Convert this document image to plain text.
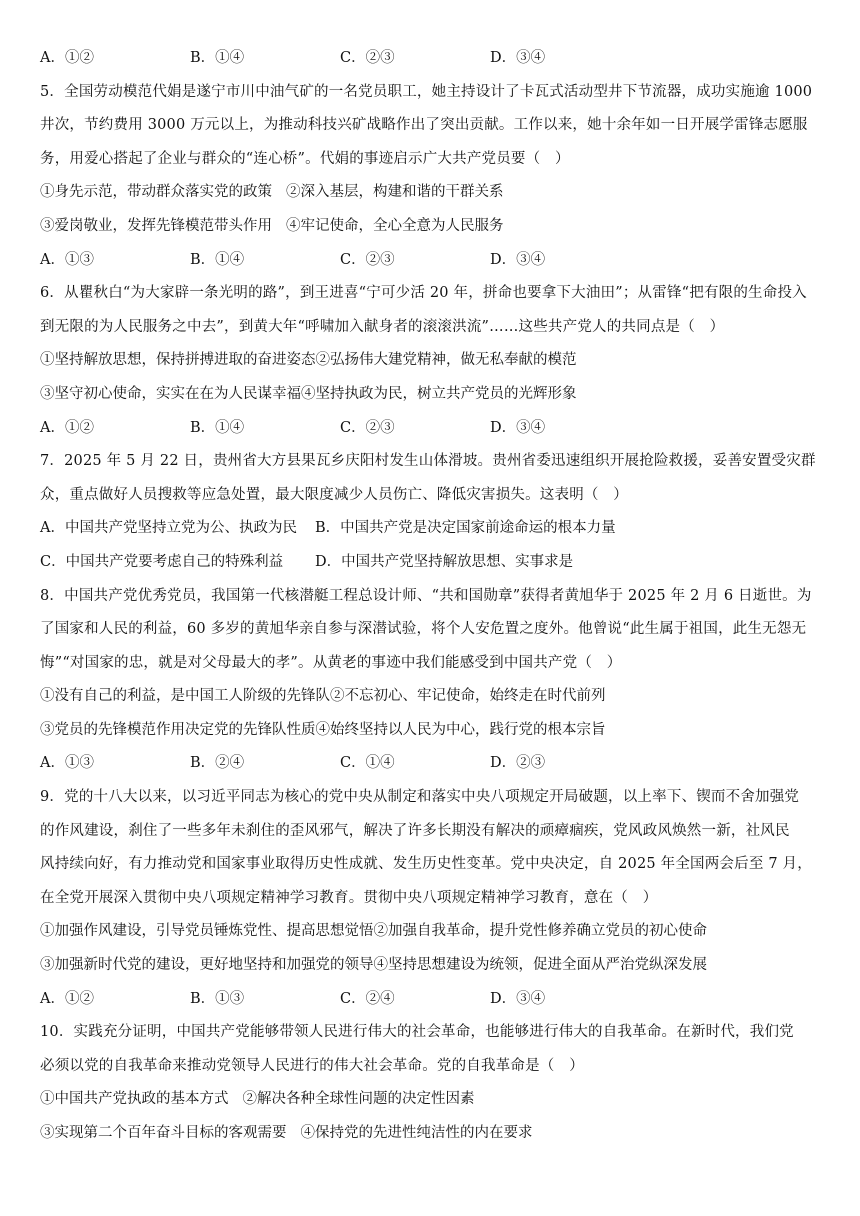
A．①②	B．①④	C．②③	D．③④
5．全国劳动模范代娟是遂宁市川中油气矿的一名党员职工，她主持设计了卡瓦式活动型井下节流器，成功实施逾 1000
井次，节约费用 3000 万元以上，为推动科技兴矿战略作出了突出贡献。工作以来，她十余年如一日开展学雷锋志愿服
务，用爱心搭起了企业与群众的“连心桥”。代娟的事迹启示广大共产党员要（　）
①身先示范，带动群众落实党的政策 ②深入基层，构建和谐的干群关系
③爱岗敬业，发挥先锋模范带头作用 ④牢记使命，全心全意为人民服务
A．①③	B．①④	C．②③	D．③④
6．从瞿秋白“为大家辟一条光明的路”，到王进喜“宁可少活 20 年，拼命也要拿下大油田”；从雷锋“把有限的生命投入
到无限的为人民服务之中去”，到黄大年“呼啸加入献身者的滚滚洪流”……这些共产党人的共同点是（　）
①坚持解放思想，保持拼搏进取的奋进姿态②弘扬伟大建党精神，做无私奉献的模范
③坚守初心使命，实实在在为人民谋幸福④坚持执政为民，树立共产党员的光辉形象
A．①②	B．①④	C．②③	D．③④
7．2025 年 5 月 22 日，贵州省大方县果瓦乡庆阳村发生山体滑坡。贵州省委迅速组织开展抢险救援，妥善安置受灾群
众，重点做好人员搜救等应急处置，最大限度减少人员伤亡、降低灾害损失。这表明（　）
A．中国共产党坚持立党为公、执政为民	B．中国共产党是决定国家前途命运的根本力量
C．中国共产党要考虑自己的特殊利益	D．中国共产党坚持解放思想、实事求是
8．中国共产党优秀党员，我国第一代核潜艇工程总设计师、“共和国勋章”获得者黄旭华于 2025 年 2 月 6 日逝世。为
了国家和人民的利益，60 多岁的黄旭华亲自参与深潜试验，将个人安危置之度外。他曾说“此生属于祖国，此生无怨无
悔”“对国家的忠，就是对父母最大的孝”。从黄老的事迹中我们能感受到中国共产党（　）
①没有自己的利益，是中国工人阶级的先锋队②不忘初心、牢记使命，始终走在时代前列
③党员的先锋模范作用决定党的先锋队性质④始终坚持以人民为中心，践行党的根本宗旨
A．①③	B．②④	C．①④	D．②③
9．党的十八大以来，以习近平同志为核心的党中央从制定和落实中央八项规定开局破题，以上率下、锲而不舍加强党
的作风建设，刹住了一些多年未刹住的歪风邪气，解决了许多长期没有解决的顽瘴痼疾，党风政风焕然一新，社风民
风持续向好，有力推动党和国家事业取得历史性成就、发生历史性变革。党中央决定，自 2025 年全国两会后至 7 月，
在全党开展深入贯彻中央八项规定精神学习教育。贯彻中央八项规定精神学习教育，意在（　）
①加强作风建设，引导党员锤炼党性、提高思想觉悟②加强自我革命，提升党性修养确立党员的初心使命
③加强新时代党的建设，更好地坚持和加强党的领导④坚持思想建设为统领，促进全面从严治党纵深发展
A．①②	B．①③	C．②④	D．③④
10．实践充分证明，中国共产党能够带领人民进行伟大的社会革命，也能够进行伟大的自我革命。在新时代，我们党
必须以党的自我革命来推动党领导人民进行的伟大社会革命。党的自我革命是（　）
①中国共产党执政的基本方式 ②解决各种全球性问题的决定性因素
③实现第二个百年奋斗目标的客观需要 ④保持党的先进性纯洁性的内在要求
